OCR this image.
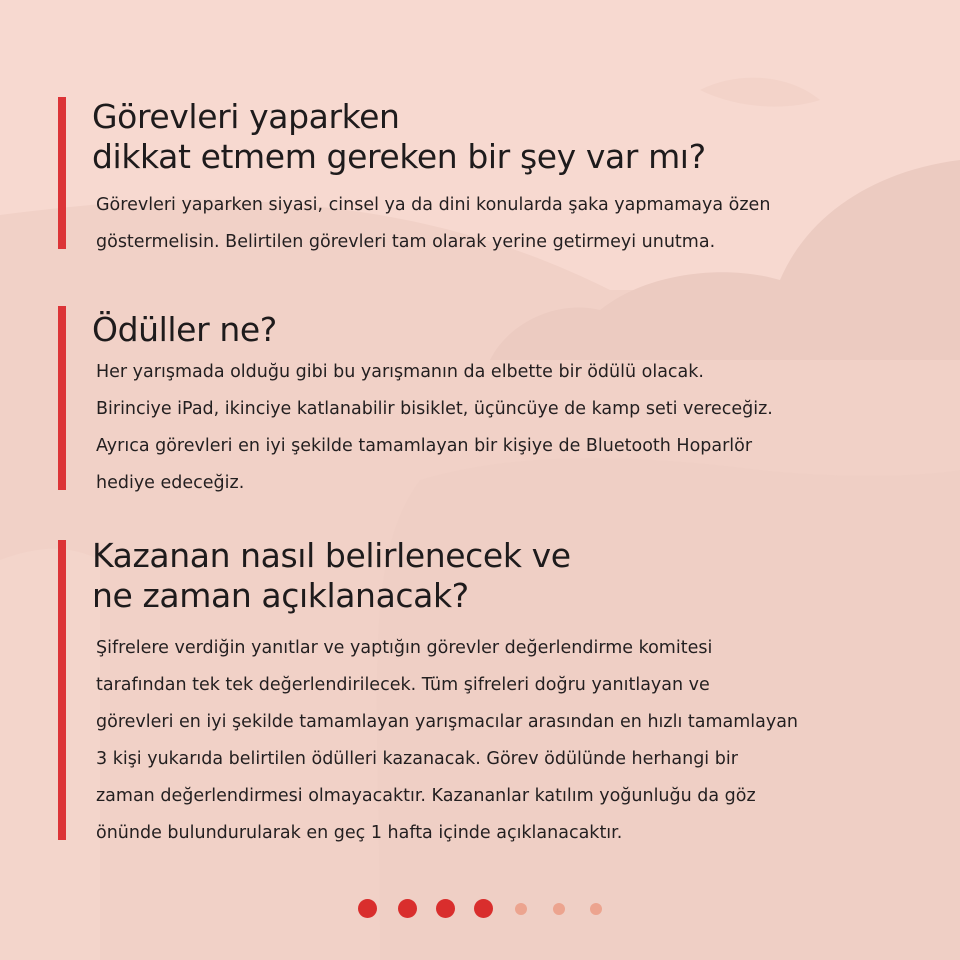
Görevleri yaparken
dikkat etmem gereken bir şey var mı?

Görevleri yaparken siyasi, cinsel ya da dini konularda şaka yapmamaya özen
göstermelisin. Belirtilen görevleri tam olarak yerine getirmeyi unutma.

Ödüller ne?

Her yarışmada olduğu gibi bu yarışmanın da elbette bir ödülü olacak.
Birinciye iPad, ikinciye katlanabilir bisiklet, üçüncüye de kamp seti vereceğiz.
Ayrıca görevleri en iyi şekilde tamamlayan bir kişiye de Bluetooth Hoparlör
hediye edeceğiz.

Kazanan nasıl belirlenecek ve
ne zaman açıklanacak?

Şifrelere verdiğin yanıtlar ve yaptığın görevler değerlendirme komitesi
tarafından tek tek değerlendirilecek. Tüm şifreleri doğru yanıtlayan ve
görevleri en iyi şekilde tamamlayan yarışmacılar arasından en hızlı tamamlayan
3 kişi yukarıda belirtilen ödülleri kazanacak. Görev ödülünde herhangi bir
zaman değerlendirmesi olmayacaktır. Kazananlar katılım yoğunluğu da göz
önünde bulundurularak en geç 1 hafta içinde açıklanacaktır.
